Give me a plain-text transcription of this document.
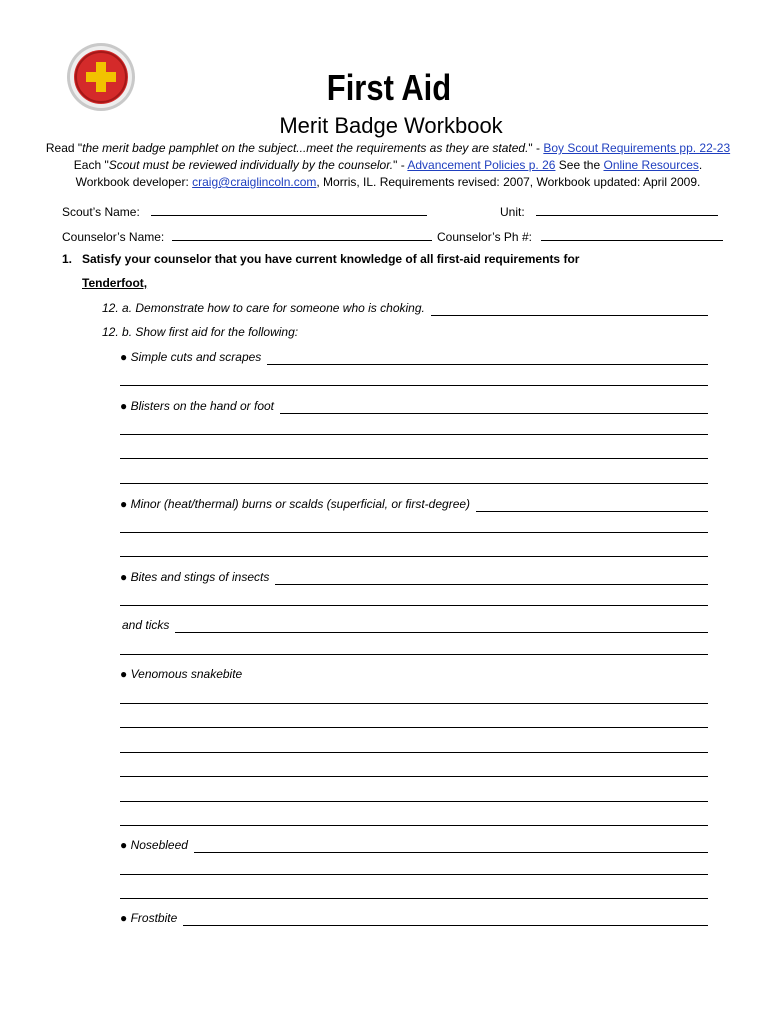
First Aid
Merit Badge Workbook
Read "the merit badge pamphlet on the subject...meet the requirements as they are stated." - Boy Scout Requirements pp. 22-23
Each "Scout must be reviewed individually by the counselor." - Advancement Policies p. 26 See the Online Resources.
Workbook developer: craig@craiglincoln.com, Morris, IL. Requirements revised: 2007, Workbook updated: April 2009.
Scout’s Name:	Unit:
Counselor’s Name:	Counselor’s Ph #:
1. Satisfy your counselor that you have current knowledge of all first-aid requirements for
Tenderfoot,
12. a. Demonstrate how to care for someone who is choking.
12. b. Show first aid for the following:
● Simple cuts and scrapes
● Blisters on the hand or foot
● Minor (heat/thermal) burns or scalds (superficial, or first-degree)
● Bites and stings of insects
and ticks
● Venomous snakebite
● Nosebleed
● Frostbite
